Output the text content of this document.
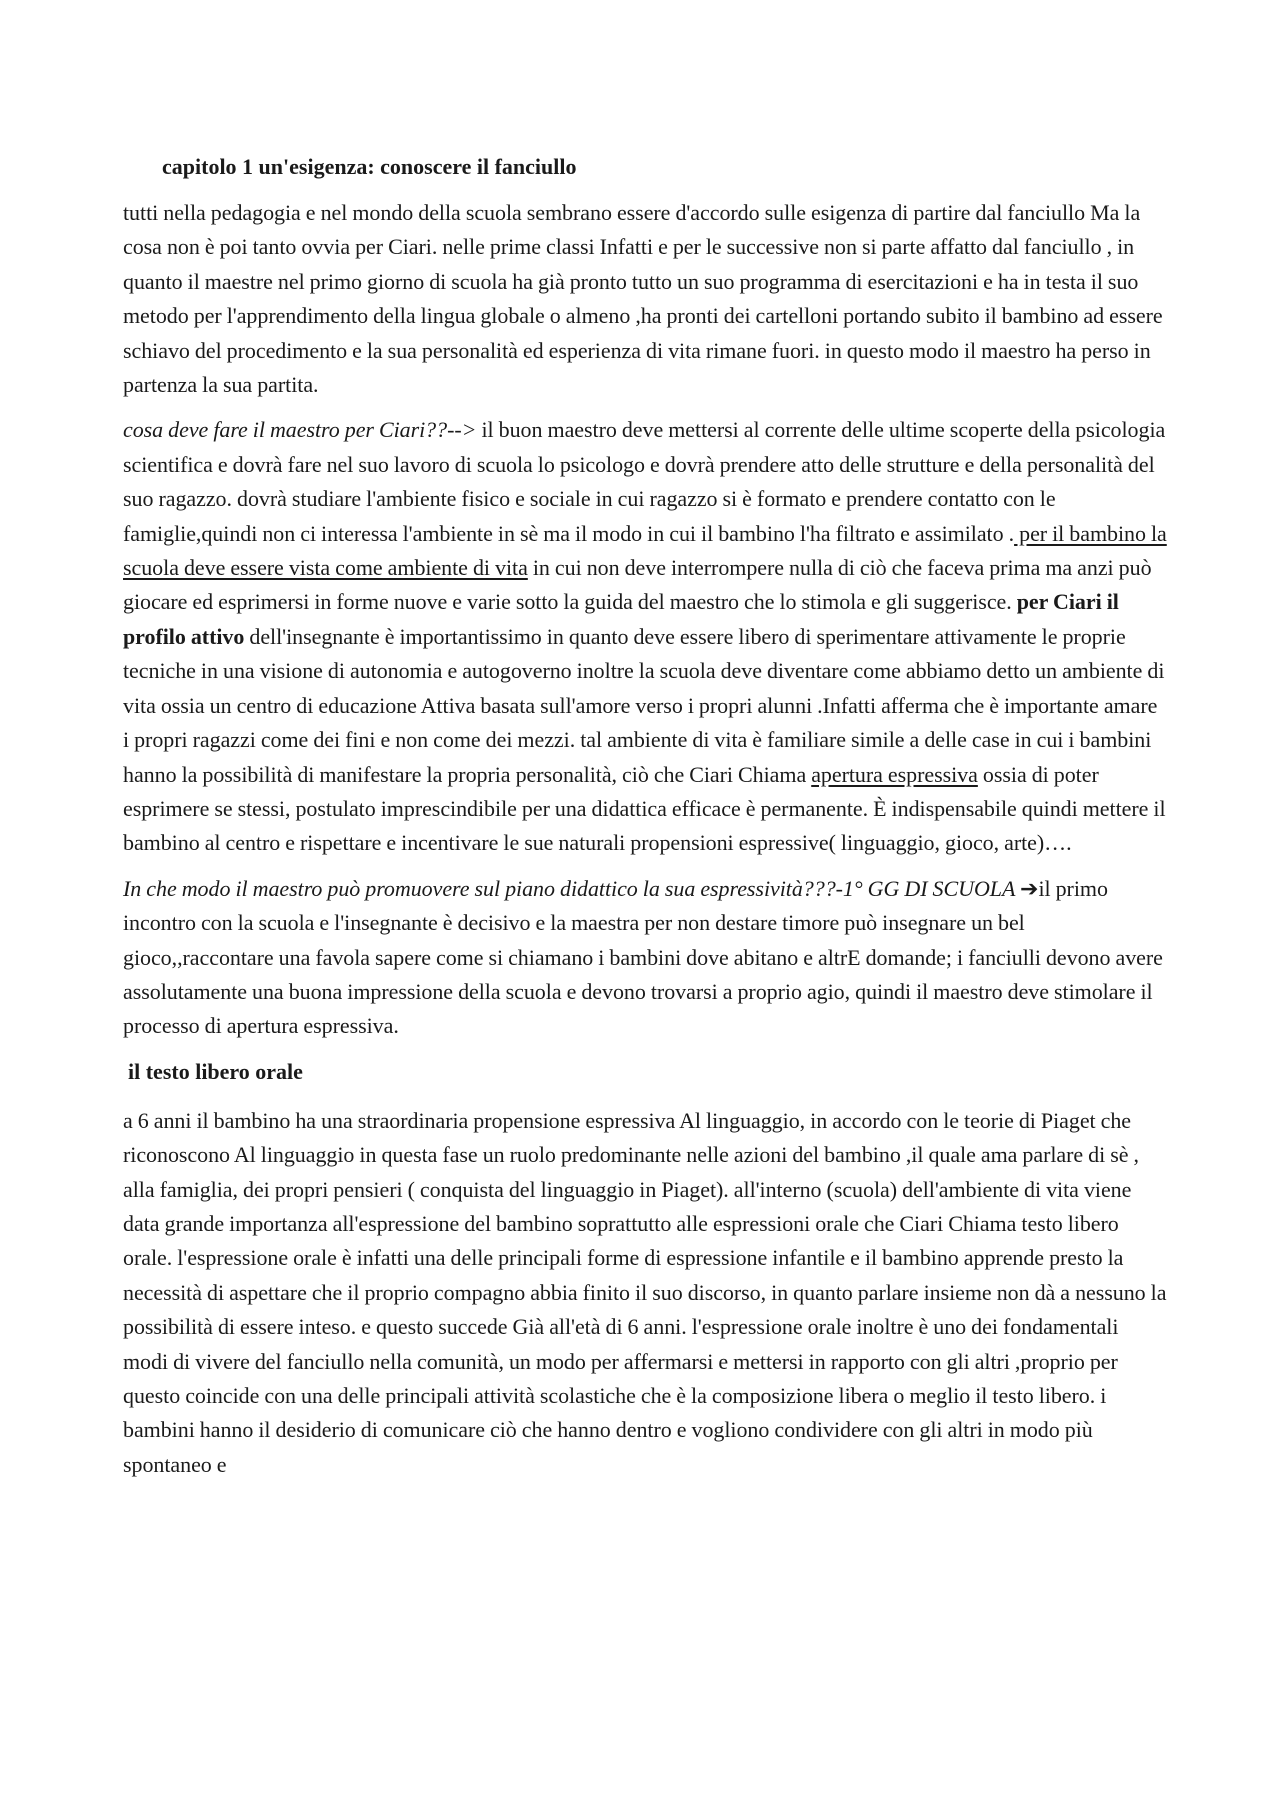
capitolo 1 un'esigenza: conoscere il fanciullo

tutti nella pedagogia e nel mondo della scuola sembrano essere d'accordo sulle esigenza di partire dal fanciullo Ma la cosa non è poi tanto ovvia per Ciari. nelle prime classi Infatti e per le successive non si parte affatto dal fanciullo , in quanto il maestre nel primo giorno di scuola ha già pronto tutto un suo programma di esercitazioni e ha in testa il suo metodo per l'apprendimento della lingua globale o almeno ,ha pronti dei cartelloni portando subito il bambino ad essere schiavo del procedimento e la sua personalità ed esperienza di vita rimane fuori. in questo modo il maestro ha perso in partenza la sua partita.

cosa deve fare il maestro per Ciari??--> il buon maestro deve mettersi al corrente delle ultime scoperte della psicologia scientifica e dovrà fare nel suo lavoro di scuola lo psicologo e dovrà prendere atto delle strutture e della personalità del suo ragazzo. dovrà studiare l'ambiente fisico e sociale in cui ragazzo si è formato e prendere contatto con le famiglie,quindi non ci interessa l'ambiente in sè ma il modo in cui il bambino l'ha filtrato e assimilato . per il bambino la scuola deve essere vista come ambiente di vita in cui non deve interrompere nulla di ciò che faceva prima ma anzi può giocare ed esprimersi in forme nuove e varie sotto la guida del maestro che lo stimola e gli suggerisce. per Ciari il profilo attivo dell'insegnante è importantissimo in quanto deve essere libero di sperimentare attivamente le proprie tecniche in una visione di autonomia e autogoverno inoltre la scuola deve diventare come abbiamo detto un ambiente di vita ossia un centro di educazione Attiva basata sull'amore verso i propri alunni .Infatti afferma che è importante amare i propri ragazzi come dei fini e non come dei mezzi. tal ambiente di vita è familiare simile a delle case in cui i bambini hanno la possibilità di manifestare la propria personalità, ciò che Ciari Chiama apertura espressiva ossia di poter esprimere se stessi, postulato imprescindibile per una didattica efficace è permanente. È indispensabile quindi mettere il bambino al centro e rispettare e incentivare le sue naturali propensioni espressive( linguaggio, gioco, arte)….

In che modo il maestro può promuovere sul piano didattico la sua espressività???-1° GG DI SCUOLA ➔il primo incontro con la scuola e l'insegnante è decisivo e la maestra per non destare timore può insegnare un bel gioco,,raccontare una favola sapere come si chiamano i bambini dove abitano e altrE domande; i fanciulli devono avere assolutamente una buona impressione della scuola e devono trovarsi a proprio agio, quindi il maestro deve stimolare il processo di apertura espressiva.

il testo libero orale

a 6 anni il bambino ha una straordinaria propensione espressiva Al linguaggio, in accordo con le teorie di Piaget che riconoscono Al linguaggio in questa fase un ruolo predominante nelle azioni del bambino ,il quale ama parlare di sè , alla famiglia, dei propri pensieri ( conquista del linguaggio in Piaget). all'interno (scuola) dell'ambiente di vita viene data grande importanza all'espressione del bambino soprattutto alle espressioni orale che Ciari Chiama testo libero orale. l'espressione orale è infatti una delle principali forme di espressione infantile e il bambino apprende presto la necessità di aspettare che il proprio compagno abbia finito il suo discorso, in quanto parlare insieme non dà a nessuno la possibilità di essere inteso. e questo succede Già all'età di 6 anni. l'espressione orale inoltre è uno dei fondamentali modi di vivere del fanciullo nella comunità, un modo per affermarsi e mettersi in rapporto con gli altri ,proprio per questo coincide con una delle principali attività scolastiche che è la composizione libera o meglio il testo libero. i bambini hanno il desiderio di comunicare ciò che hanno dentro e vogliono condividere con gli altri in modo più spontaneo e
